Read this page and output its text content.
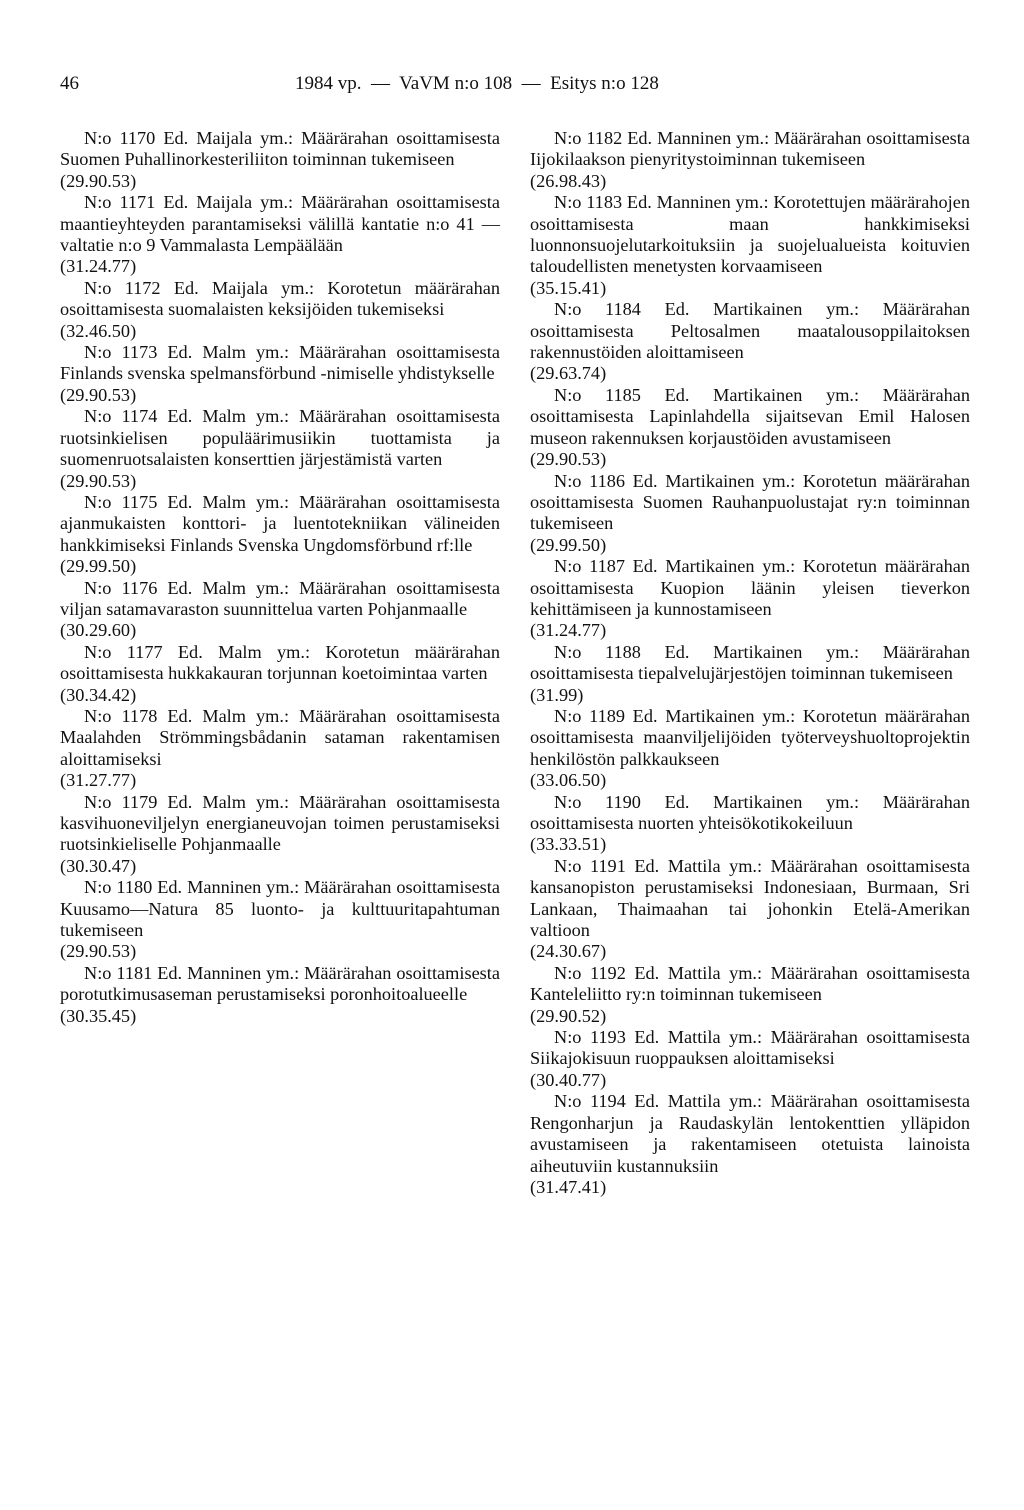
46	1984 vp.  —  VaVM n:o 108  —  Esitys n:o 128
N:o 1170 Ed. Maijala ym.: Määrärahan osoittamisesta Suomen Puhallinorkesteriliiton toiminnan tukemiseen
(29.90.53)
N:o 1171 Ed. Maijala ym.: Määrärahan osoittamisesta maantieyhteyden parantamiseksi välillä kantatie n:o 41 — valtatie n:o 9 Vammalasta Lempäälään
(31.24.77)
N:o 1172 Ed. Maijala ym.: Korotetun määrärahan osoittamisesta suomalaisten keksijöiden tukemiseksi
(32.46.50)
N:o 1173 Ed. Malm ym.: Määrärahan osoittamisesta Finlands svenska spelmansförbund -nimiselle yhdistykselle
(29.90.53)
N:o 1174 Ed. Malm ym.: Määrärahan osoittamisesta ruotsinkielisen populäärimusiikin tuottamista ja suomenruotsalaisten konserttien järjestämistä varten
(29.90.53)
N:o 1175 Ed. Malm ym.: Määrärahan osoittamisesta ajanmukaisten konttori- ja luentotekniikan välineiden hankkimiseksi Finlands Svenska Ungdomsförbund rf:lle
(29.99.50)
N:o 1176 Ed. Malm ym.: Määrärahan osoittamisesta viljan satamavaraston suunnittelua varten Pohjanmaalle
(30.29.60)
N:o 1177 Ed. Malm ym.: Korotetun määrärahan osoittamisesta hukkakauran torjunnan koetoimintaa varten
(30.34.42)
N:o 1178 Ed. Malm ym.: Määrärahan osoittamisesta Maalahden Strömmingsbådanin sataman rakentamisen aloittamiseksi
(31.27.77)
N:o 1179 Ed. Malm ym.: Määrärahan osoittamisesta kasvihuoneviljelyn energianeuvojan toimen perustamiseksi ruotsinkieliselle Pohjanmaalle
(30.30.47)
N:o 1180 Ed. Manninen ym.: Määrärahan osoittamisesta Kuusamo—Natura 85 luonto- ja kulttuuritapahtuman tukemiseen
(29.90.53)
N:o 1181 Ed. Manninen ym.: Määrärahan osoittamisesta porotutkimusaseman perustamiseksi poronhoitoalueelle
(30.35.45)
N:o 1182 Ed. Manninen ym.: Määrärahan osoittamisesta Iijokilaakson pienyritystoiminnan tukemiseen
(26.98.43)
N:o 1183 Ed. Manninen ym.: Korotettujen määrärahojen osoittamisesta maan hankkimiseksi luonnonsuojelutarkoituksiin ja suojelualueista koituvien taloudellisten menetysten korvaamiseen
(35.15.41)
N:o 1184 Ed. Martikainen ym.: Määrärahan osoittamisesta Peltosalmen maatalousoppilaitoksen rakennustöiden aloittamiseen
(29.63.74)
N:o 1185 Ed. Martikainen ym.: Määrärahan osoittamisesta Lapinlahdella sijaitsevan Emil Halosen museon rakennuksen korjaustöiden avustamiseen
(29.90.53)
N:o 1186 Ed. Martikainen ym.: Korotetun määrärahan osoittamisesta Suomen Rauhanpuolustajat ry:n toiminnan tukemiseen
(29.99.50)
N:o 1187 Ed. Martikainen ym.: Korotetun määrärahan osoittamisesta Kuopion läänin yleisen tieverkon kehittämiseen ja kunnostamiseen
(31.24.77)
N:o 1188 Ed. Martikainen ym.: Määrärahan osoittamisesta tiepalvelujärjestöjen toiminnan tukemiseen
(31.99)
N:o 1189 Ed. Martikainen ym.: Korotetun määrärahan osoittamisesta maanviljelijöiden työterveyshuoltoprojektin henkilöstön palkkaukseen
(33.06.50)
N:o 1190 Ed. Martikainen ym.: Määrärahan osoittamisesta nuorten yhteisökotikokeiluun
(33.33.51)
N:o 1191 Ed. Mattila ym.: Määrärahan osoittamisesta kansanopiston perustamiseksi Indonesiaan, Burmaan, Sri Lankaan, Thaimaahan tai johonkin Etelä-Amerikan valtioon
(24.30.67)
N:o 1192 Ed. Mattila ym.: Määrärahan osoittamisesta Kanteleliitto ry:n toiminnan tukemiseen
(29.90.52)
N:o 1193 Ed. Mattila ym.: Määrärahan osoittamisesta Siikajokisuun ruoppauksen aloittamiseksi
(30.40.77)
N:o 1194 Ed. Mattila ym.: Määrärahan osoittamisesta Rengonharjun ja Raudaskylän lentokenttien ylläpidon avustamiseen ja rakentamiseen otetuista lainoista aiheutuviin kustannuksiin
(31.47.41)
